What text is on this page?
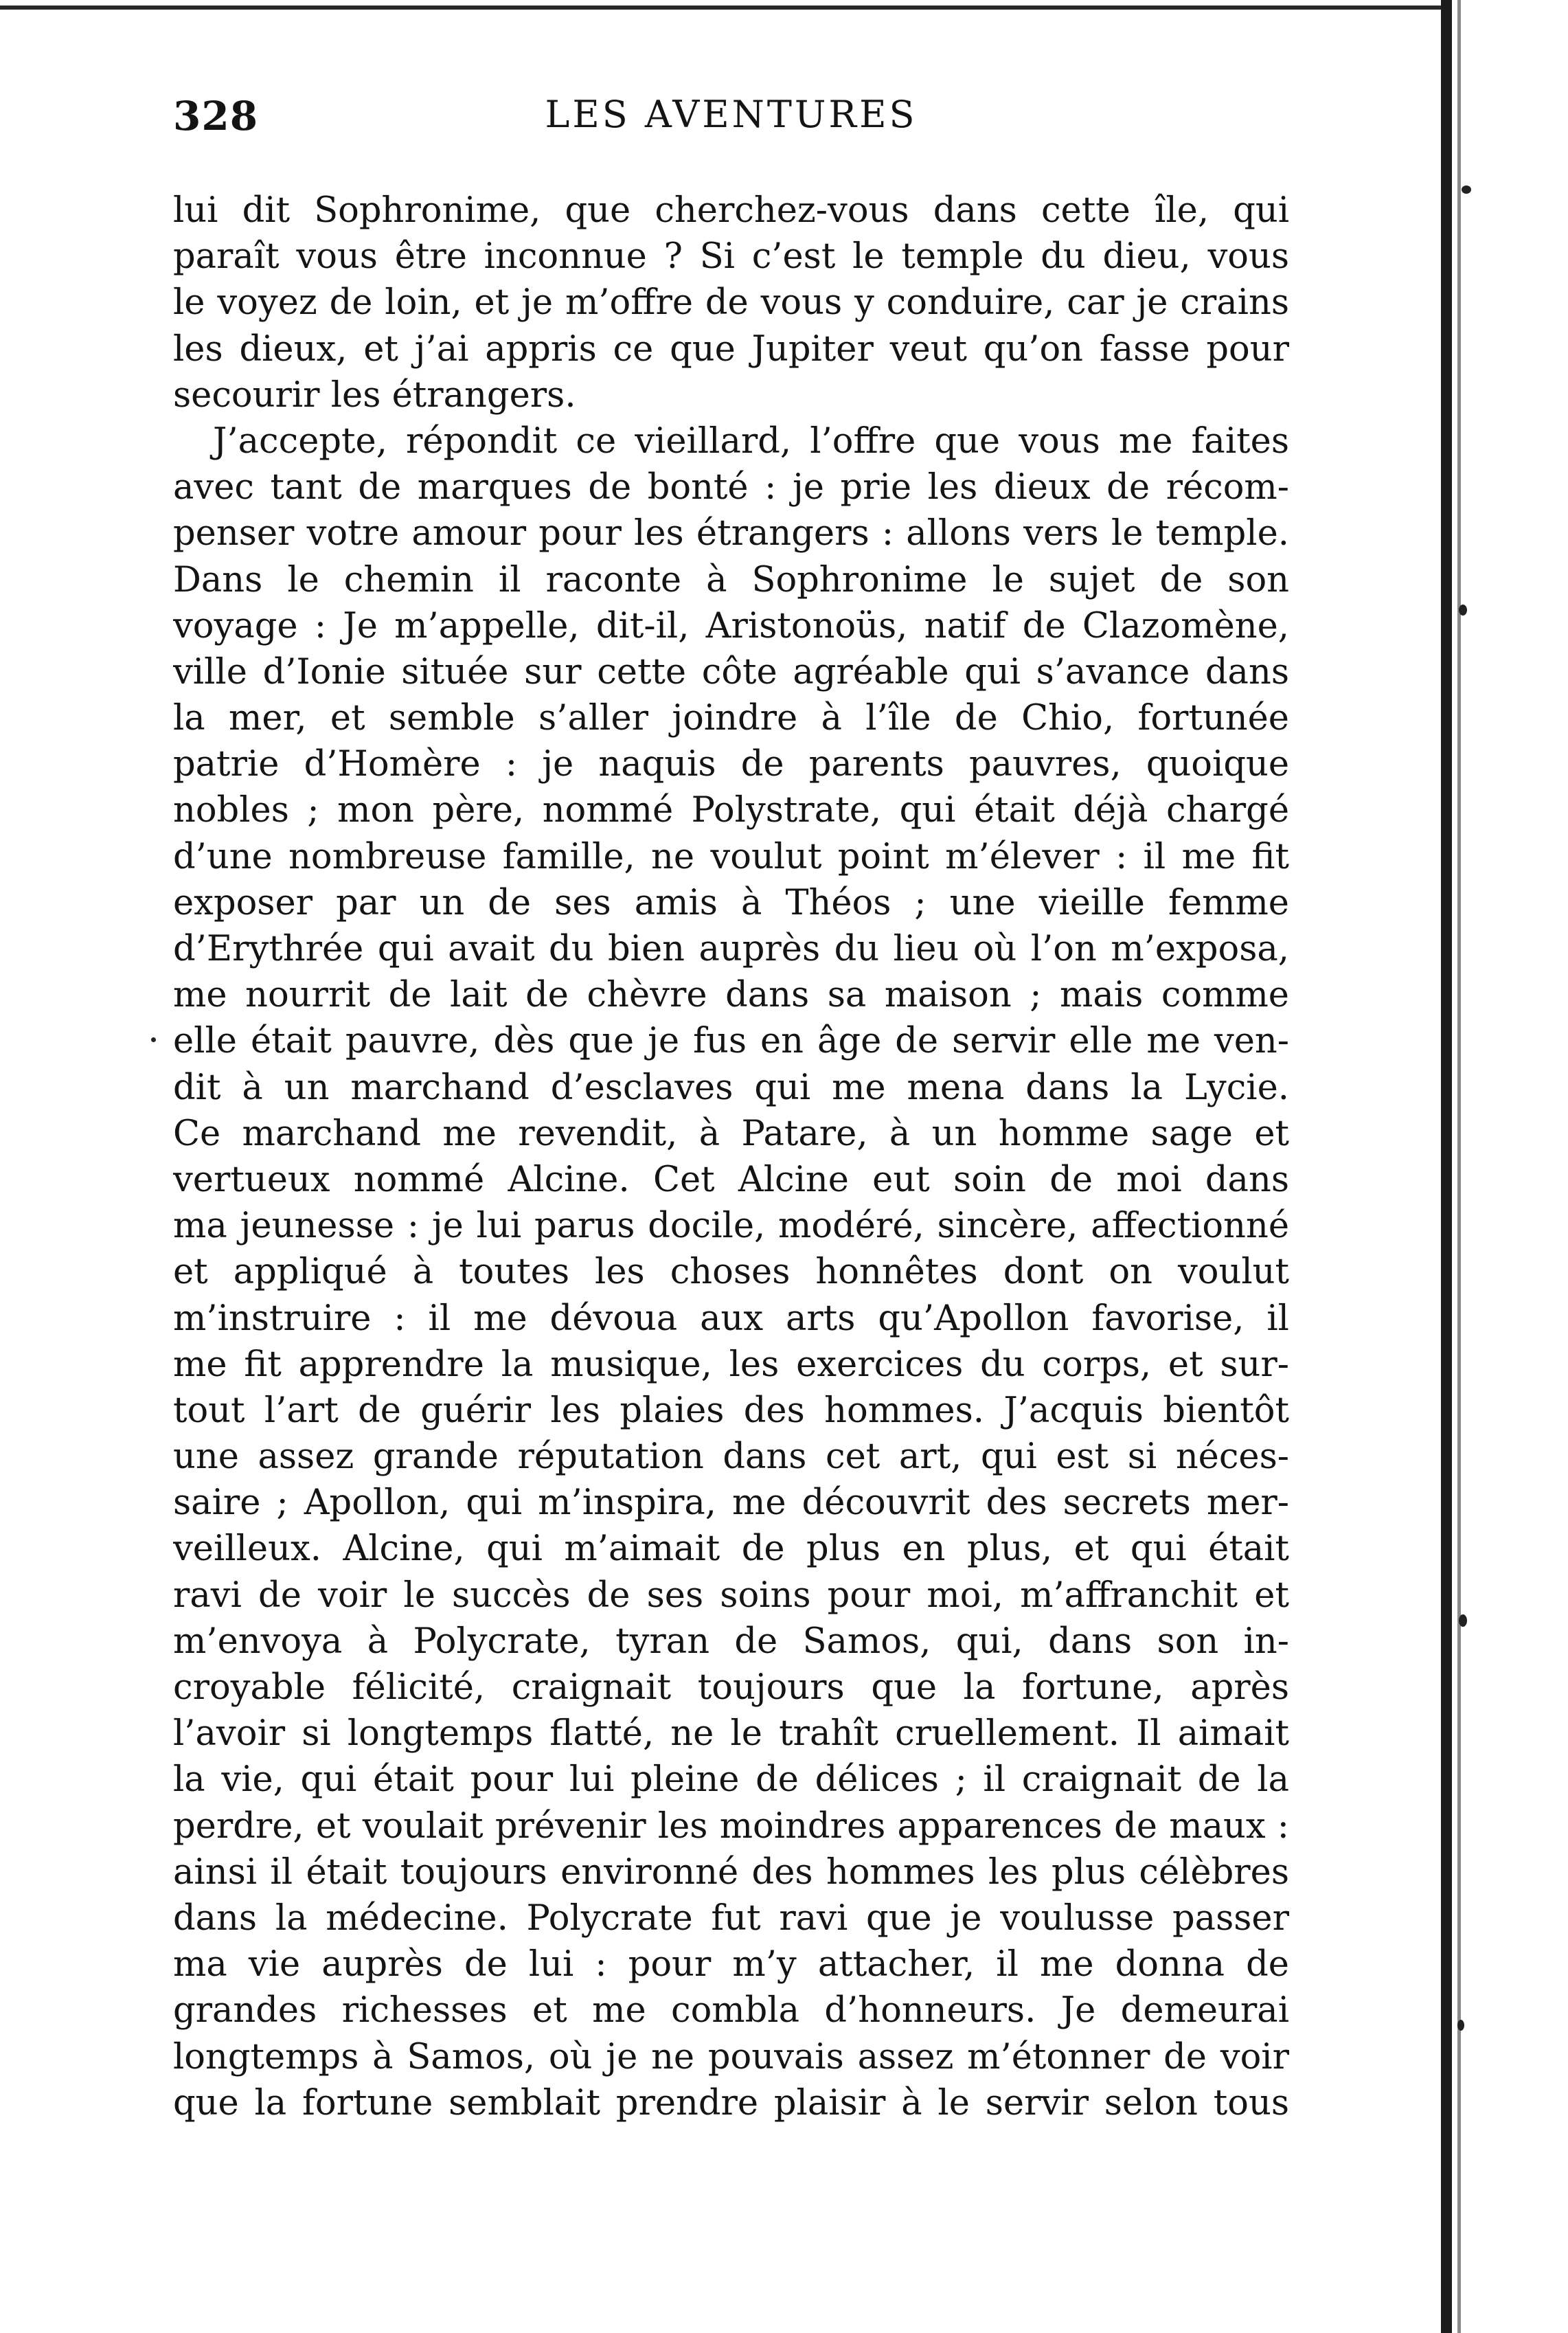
328	LES AVENTURES
lui dit Sophronime, que cherchez-vous dans cette île, qui
paraît vous être inconnue ? Si c’est le temple du dieu, vous
le voyez de loin, et je m’offre de vous y conduire, car je crains
les dieux, et j’ai appris ce que Jupiter veut qu’on fasse pour
secourir les étrangers.
J’accepte, répondit ce vieillard, l’offre que vous me faites
avec tant de marques de bonté : je prie les dieux de récom-
penser votre amour pour les étrangers : allons vers le temple.
Dans le chemin il raconte à Sophronime le sujet de son
voyage : Je m’appelle, dit-il, Aristonoüs, natif de Clazomène,
ville d’Ionie située sur cette côte agréable qui s’avance dans
la mer, et semble s’aller joindre à l’île de Chio, fortunée
patrie d’Homère : je naquis de parents pauvres, quoique
nobles ; mon père, nommé Polystrate, qui était déjà chargé
d’une nombreuse famille, ne voulut point m’élever : il me fit
exposer par un de ses amis à Théos ; une vieille femme
d’Erythrée qui avait du bien auprès du lieu où l’on m’exposa,
me nourrit de lait de chèvre dans sa maison ; mais comme
elle était pauvre, dès que je fus en âge de servir elle me ven-
dit à un marchand d’esclaves qui me mena dans la Lycie.
Ce marchand me revendit, à Patare, à un homme sage et
vertueux nommé Alcine. Cet Alcine eut soin de moi dans
ma jeunesse : je lui parus docile, modéré, sincère, affectionné
et appliqué à toutes les choses honnêtes dont on voulut
m’instruire : il me dévoua aux arts qu’Apollon favorise, il
me fit apprendre la musique, les exercices du corps, et sur-
tout l’art de guérir les plaies des hommes. J’acquis bientôt
une assez grande réputation dans cet art, qui est si néces-
saire ; Apollon, qui m’inspira, me découvrit des secrets mer-
veilleux. Alcine, qui m’aimait de plus en plus, et qui était
ravi de voir le succès de ses soins pour moi, m’affranchit et
m’envoya à Polycrate, tyran de Samos, qui, dans son in-
croyable félicité, craignait toujours que la fortune, après
l’avoir si longtemps flatté, ne le trahît cruellement. Il aimait
la vie, qui était pour lui pleine de délices ; il craignait de la
perdre, et voulait prévenir les moindres apparences de maux :
ainsi il était toujours environné des hommes les plus célèbres
dans la médecine. Polycrate fut ravi que je voulusse passer
ma vie auprès de lui : pour m’y attacher, il me donna de
grandes richesses et me combla d’honneurs. Je demeurai
longtemps à Samos, où je ne pouvais assez m’étonner de voir
que la fortune semblait prendre plaisir à le servir selon tous
